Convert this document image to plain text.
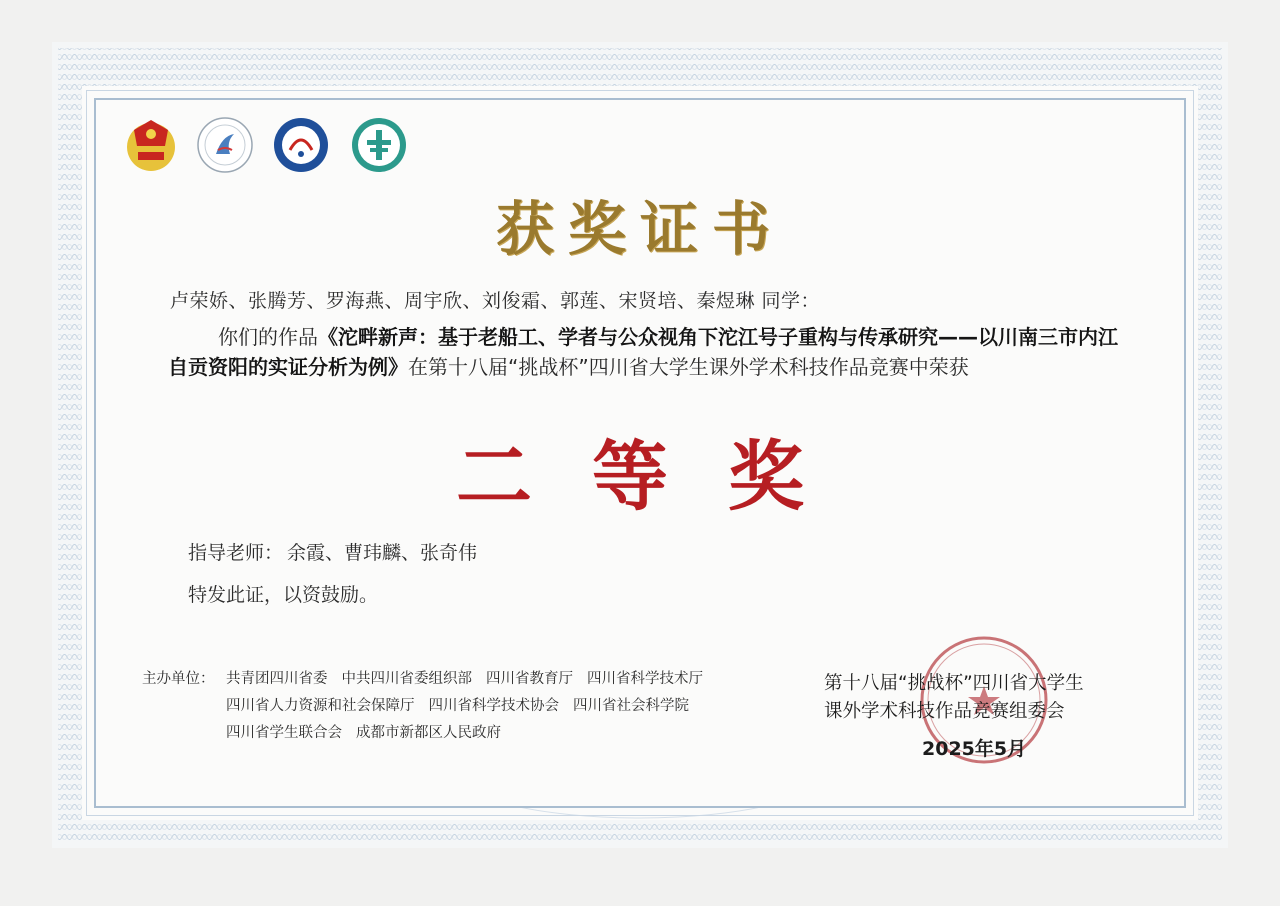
获奖证书
卢荣娇、张腾芳、罗海燕、周宇欣、刘俊霜、郭莲、宋贤培、秦煜琳 同学：
你们的作品《沱畔新声：基于老船工、学者与公众视角下沱江号子重构与传承研究——以川南三市内江自贡资阳的实证分析为例》在第十八届“挑战杯”四川省大学生课外学术科技作品竞赛中荣获
二等奖
指导老师： 余霞、曹玮麟、张奇伟
特发此证，以资鼓励。
主办单位： 共青团四川省委 中共四川省委组织部 四川省教育厅 四川省科学技术厅
四川省人力资源和社会保障厅 四川省科学技术协会 四川省社会科学院
四川省学生联合会 成都市新都区人民政府
第十八届“挑战杯”四川省大学生
课外学术科技作品竞赛组委会
2025年5月
